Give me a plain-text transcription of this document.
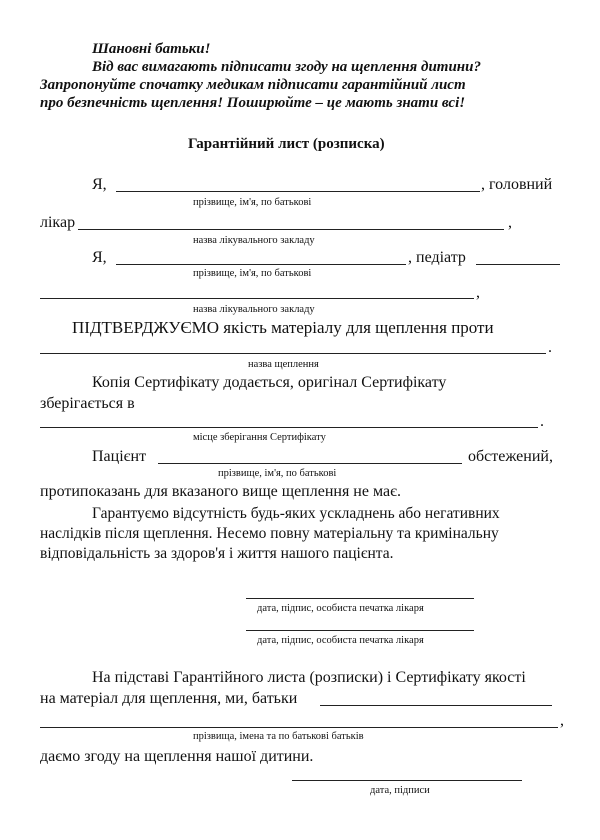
Шановні батьки!
Від вас вимагають підписати згоду на щеплення дитини?
Запропонуйте спочатку медикам підписати гарантійний лист
про безпечність щеплення! Поширюйте – це мають знати всі!
Гарантійний лист (розписка)
Я,	, головний
прізвище, ім'я, по батькові
лікар	,
назва лікувального закладу
Я,	, педіатр
прізвище, ім'я, по батькові
,
назва лікувального закладу
ПІДТВЕРДЖУЄМО якість матеріалу для щеплення проти
.
назва щеплення
Копія Сертифікату додається, оригінал Сертифікату
зберігається в
.
місце зберігання Сертифікату
Пацієнт	обстежений,
прізвище, ім'я, по батькові
протипоказань для вказаного вище щеплення не має.
Гарантуємо відсутність будь-яких ускладнень або негативних
наслідків після щеплення. Несемо повну матеріальну та кримінальну
відповідальність за здоров'я і життя нашого пацієнта.
дата, підпис, особиста печатка лікаря
дата, підпис, особиста печатка лікаря
На підставі Гарантійного листа (розписки) і Сертифікату якості
на матеріал для щеплення, ми, батьки
,
прізвища, імена та по батькові батьків
даємо згоду на щеплення нашої дитини.
дата, підписи
